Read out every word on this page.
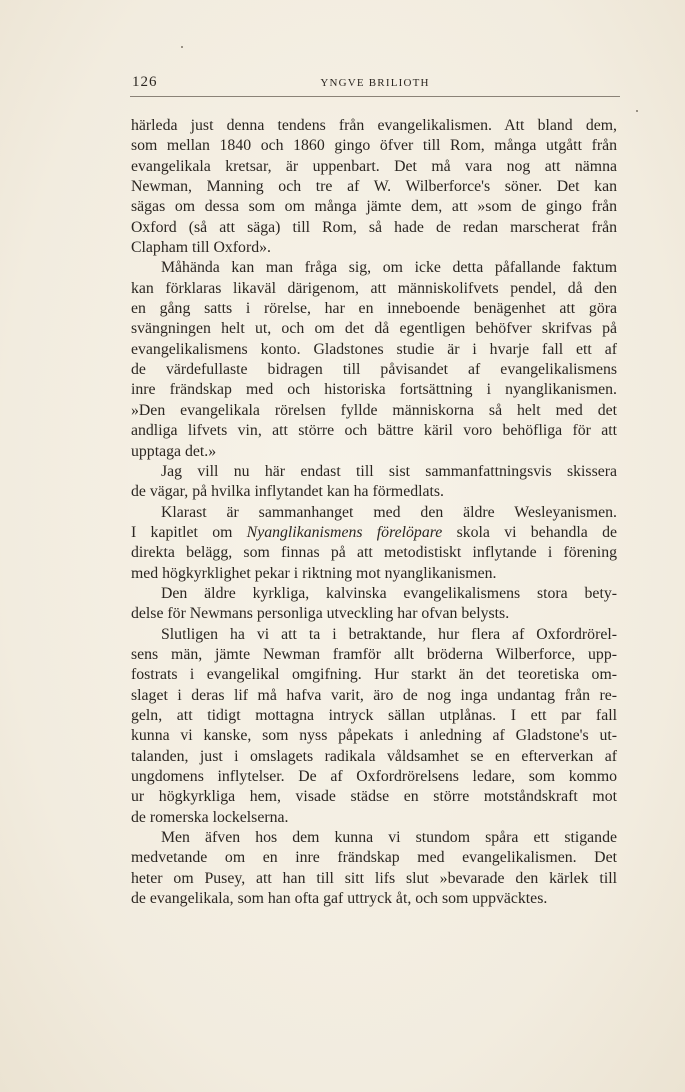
126	YNGVE BRILIOTH
härleda just denna tendens från evangelikalismen. Att bland dem,
som mellan 1840 och 1860 gingo öfver till Rom, många utgått från
evangelikala kretsar, är uppenbart. Det må vara nog att nämna
Newman, Manning och tre af W. Wilberforce's söner. Det kan
sägas om dessa som om många jämte dem, att »som de gingo från
Oxford (så att säga) till Rom, så hade de redan marscherat från
Clapham till Oxford».
Måhända kan man fråga sig, om icke detta påfallande faktum
kan förklaras likaväl därigenom, att människolifvets pendel, då den
en gång satts i rörelse, har en inneboende benägenhet att göra
svängningen helt ut, och om det då egentligen behöfver skrifvas på
evangelikalismens konto. Gladstones studie är i hvarje fall ett af
de värdefullaste bidragen till påvisandet af evangelikalismens
inre frändskap med och historiska fortsättning i nyanglikanismen.
»Den evangelikala rörelsen fyllde människorna så helt med det
andliga lifvets vin, att större och bättre käril voro behöfliga för att
upptaga det.»
Jag vill nu här endast till sist sammanfattningsvis skissera
de vägar, på hvilka inflytandet kan ha förmedlats.
Klarast är sammanhanget med den äldre Wesleyanismen.
I kapitlet om Nyanglikanismens förelöpare skola vi behandla de
direkta belägg, som finnas på att metodistiskt inflytande i förening
med högkyrklighet pekar i riktning mot nyanglikanismen.
Den äldre kyrkliga, kalvinska evangelikalismens stora bety-
delse för Newmans personliga utveckling har ofvan belysts.
Slutligen ha vi att ta i betraktande, hur flera af Oxfordrörel-
sens män, jämte Newman framför allt bröderna Wilberforce, upp-
fostrats i evangelikal omgifning. Hur starkt än det teoretiska om-
slaget i deras lif må hafva varit, äro de nog inga undantag från re-
geln, att tidigt mottagna intryck sällan utplånas. I ett par fall
kunna vi kanske, som nyss påpekats i anledning af Gladstone's ut-
talanden, just i omslagets radikala våldsamhet se en efterverkan af
ungdomens inflytelser. De af Oxfordrörelsens ledare, som kommo
ur högkyrkliga hem, visade städse en större motståndskraft mot
de romerska lockelserna.
Men äfven hos dem kunna vi stundom spåra ett stigande
medvetande om en inre frändskap med evangelikalismen. Det
heter om Pusey, att han till sitt lifs slut »bevarade den kärlek till
de evangelikala, som han ofta gaf uttryck åt, och som uppväcktes.
